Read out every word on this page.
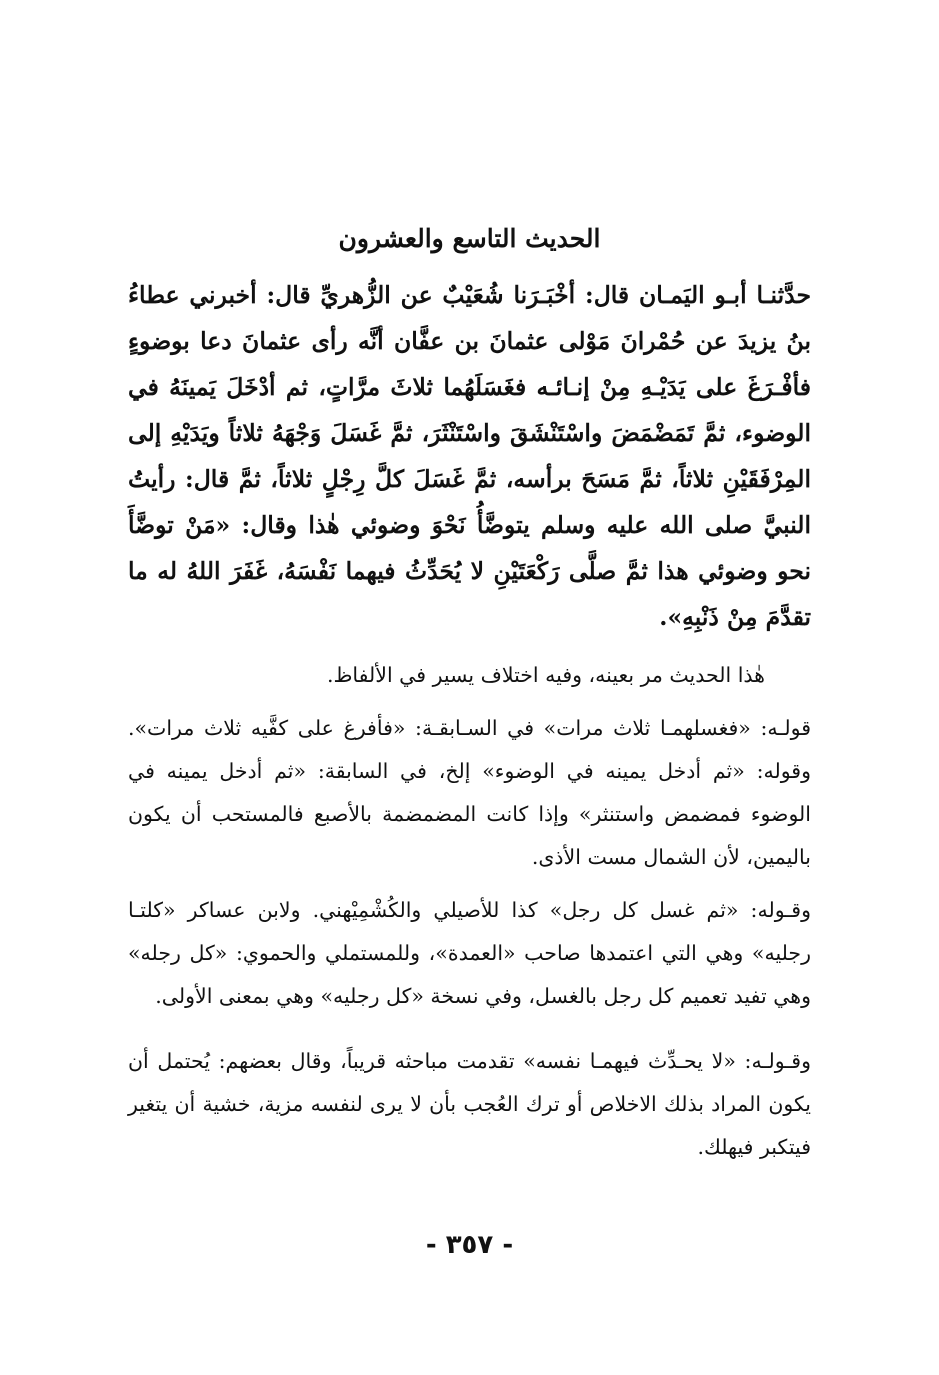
الحديث التاسع والعشرون

حدَّثنـا أبـو اليَمـان قال: أخْبَـرَنا شُعَيْبٌ عن الزُّهريِّ قال: أخبرني عطاءُ بنُ يزيدَ عن حُمْرانَ مَوْلى عثمانَ بن عفَّان أنَّه رأى عثمانَ دعا بوضوءٍ فأفْـرَغَ على يَدَيْـهِ مِنْ إنـائـه فغَسَلَهُما ثلاثَ مرَّاتٍ، ثم أدْخَلَ يَمينَهُ في الوضوء، ثمَّ تَمَضْمَضَ واسْتَنْشَقَ واسْتَنْثَرَ، ثمَّ غَسَلَ وَجْهَهُ ثلاثاً ويَدَيْهِ إلى المِرْفَقَيْنِ ثلاثاً، ثمَّ مَسَحَ برأسه، ثمَّ غَسَلَ كلَّ رِجْلٍ ثلاثاً، ثمَّ قال: رأيتُ النبيَّ صلى الله عليه وسلم يتوضَّأُ نَحْوَ وضوئي هٰذا وقال: «مَنْ توضَّأَ نحو وضوئي هذا ثمَّ صلَّى رَكْعَتَيْنِ لا يُحَدِّثُ فيهما نَفْسَهُ، غَفَرَ اللهُ له ما تقدَّمَ مِنْ ذَنْبِهِ».

هٰذا الحديث مر بعينه، وفيه اختلاف يسير في الألفاظ.

قولـه: «فغسلهمـا ثلاث مرات» في السـابقـة: «فأفرغ على كفَّيه ثلاث مرات». وقوله: «ثم أدخل يمينه في الوضوء» إلخ، في السابقة: «ثم أدخل يمينه في الوضوء فمضمض واستنثر» وإذا كانت المضمضمة بالأصبع فالمستحب أن يكون باليمين، لأن الشمال مست الأذى.

وقـوله: «ثم غسل كل رجل» كذا للأصيلي والكُشْمِيْهني. ولابن عساكر «كلتـا رجليه» وهي التي اعتمدها صاحب «العمدة»، وللمستملي والحموي: «كل رجله» وهي تفيد تعميم كل رجل بالغسل، وفي نسخة «كل رجليه» وهي بمعنى الأولى.

وقـولـه: «لا يحـدِّث فيهمـا نفسه» تقدمت مباحثه قريباً، وقال بعضهم: يُحتمل أن يكون المراد بذلك الاخلاص أو ترك العُجب بأن لا يرى لنفسه مزية، خشية أن يتغير فيتكبر فيهلك.

- ٣٥٧ -
